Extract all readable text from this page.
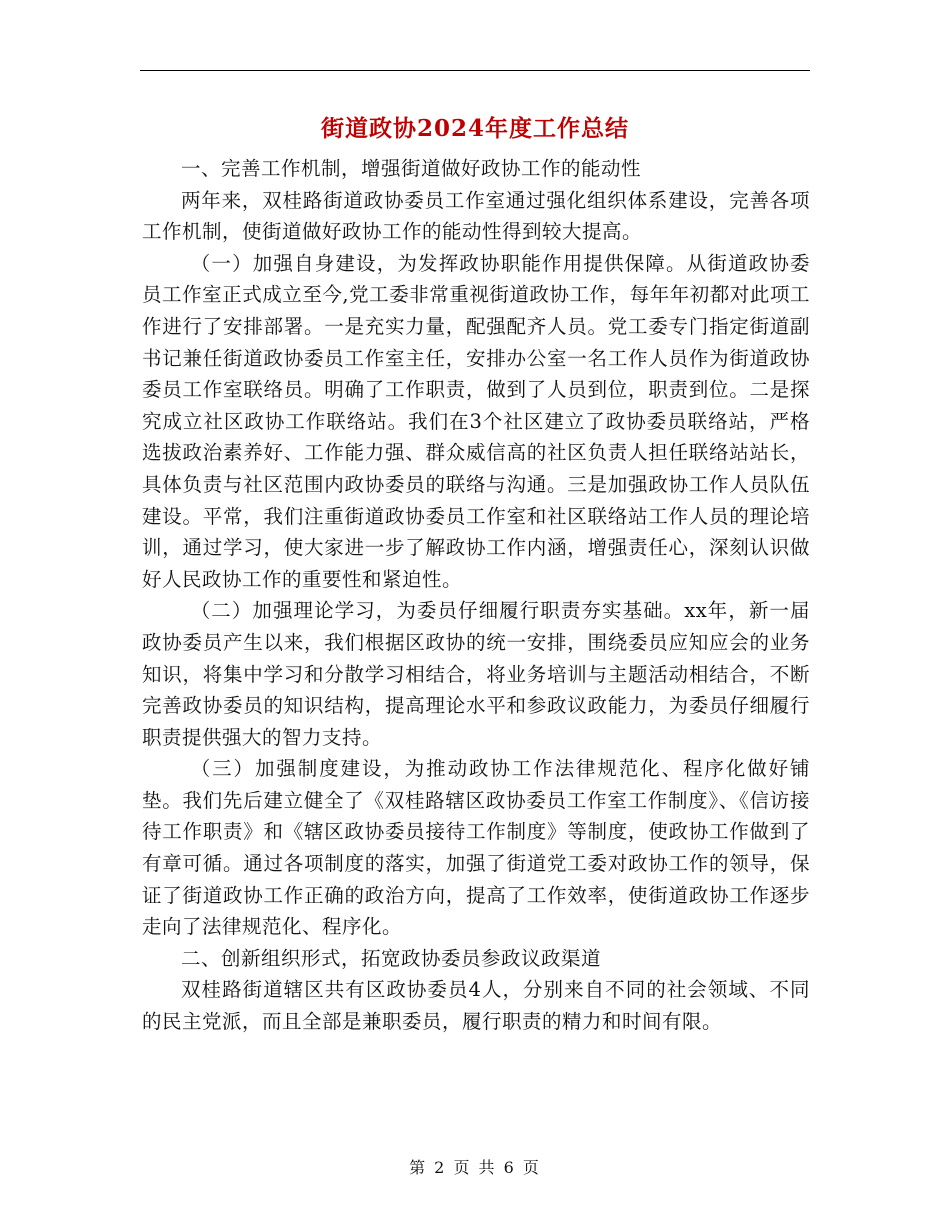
街道政协2024年度工作总结

一、完善工作机制，增强街道做好政协工作的能动性

两年来，双桂路街道政协委员工作室通过强化组织体系建设，完善各项工作机制，使街道做好政协工作的能动性得到较大提高。

（一）加强自身建设，为发挥政协职能作用提供保障。从街道政协委员工作室正式成立至今,党工委非常重视街道政协工作，每年年初都对此项工作进行了安排部署。一是充实力量，配强配齐人员。党工委专门指定街道副书记兼任街道政协委员工作室主任，安排办公室一名工作人员作为街道政协委员工作室联络员。明确了工作职责，做到了人员到位，职责到位。二是探究成立社区政协工作联络站。我们在3个社区建立了政协委员联络站，严格选拔政治素养好、工作能力强、群众威信高的社区负责人担任联络站站长，具体负责与社区范围内政协委员的联络与沟通。三是加强政协工作人员队伍建设。平常，我们注重街道政协委员工作室和社区联络站工作人员的理论培训，通过学习，使大家进一步了解政协工作内涵，增强责任心，深刻认识做好人民政协工作的重要性和紧迫性。

（二）加强理论学习，为委员仔细履行职责夯实基础。xx年，新一届政协委员产生以来，我们根据区政协的统一安排，围绕委员应知应会的业务知识，将集中学习和分散学习相结合，将业务培训与主题活动相结合，不断完善政协委员的知识结构，提高理论水平和参政议政能力，为委员仔细履行职责提供强大的智力支持。

（三）加强制度建设，为推动政协工作法律规范化、程序化做好铺垫。我们先后建立健全了《双桂路辖区政协委员工作室工作制度》、《信访接待工作职责》和《辖区政协委员接待工作制度》等制度，使政协工作做到了有章可循。通过各项制度的落实，加强了街道党工委对政协工作的领导，保证了街道政协工作正确的政治方向，提高了工作效率，使街道政协工作逐步走向了法律规范化、程序化。

二、创新组织形式，拓宽政协委员参政议政渠道

双桂路街道辖区共有区政协委员4人，分别来自不同的社会领域、不同的民主党派，而且全部是兼职委员，履行职责的精力和时间有限。

第 2 页 共 6 页
